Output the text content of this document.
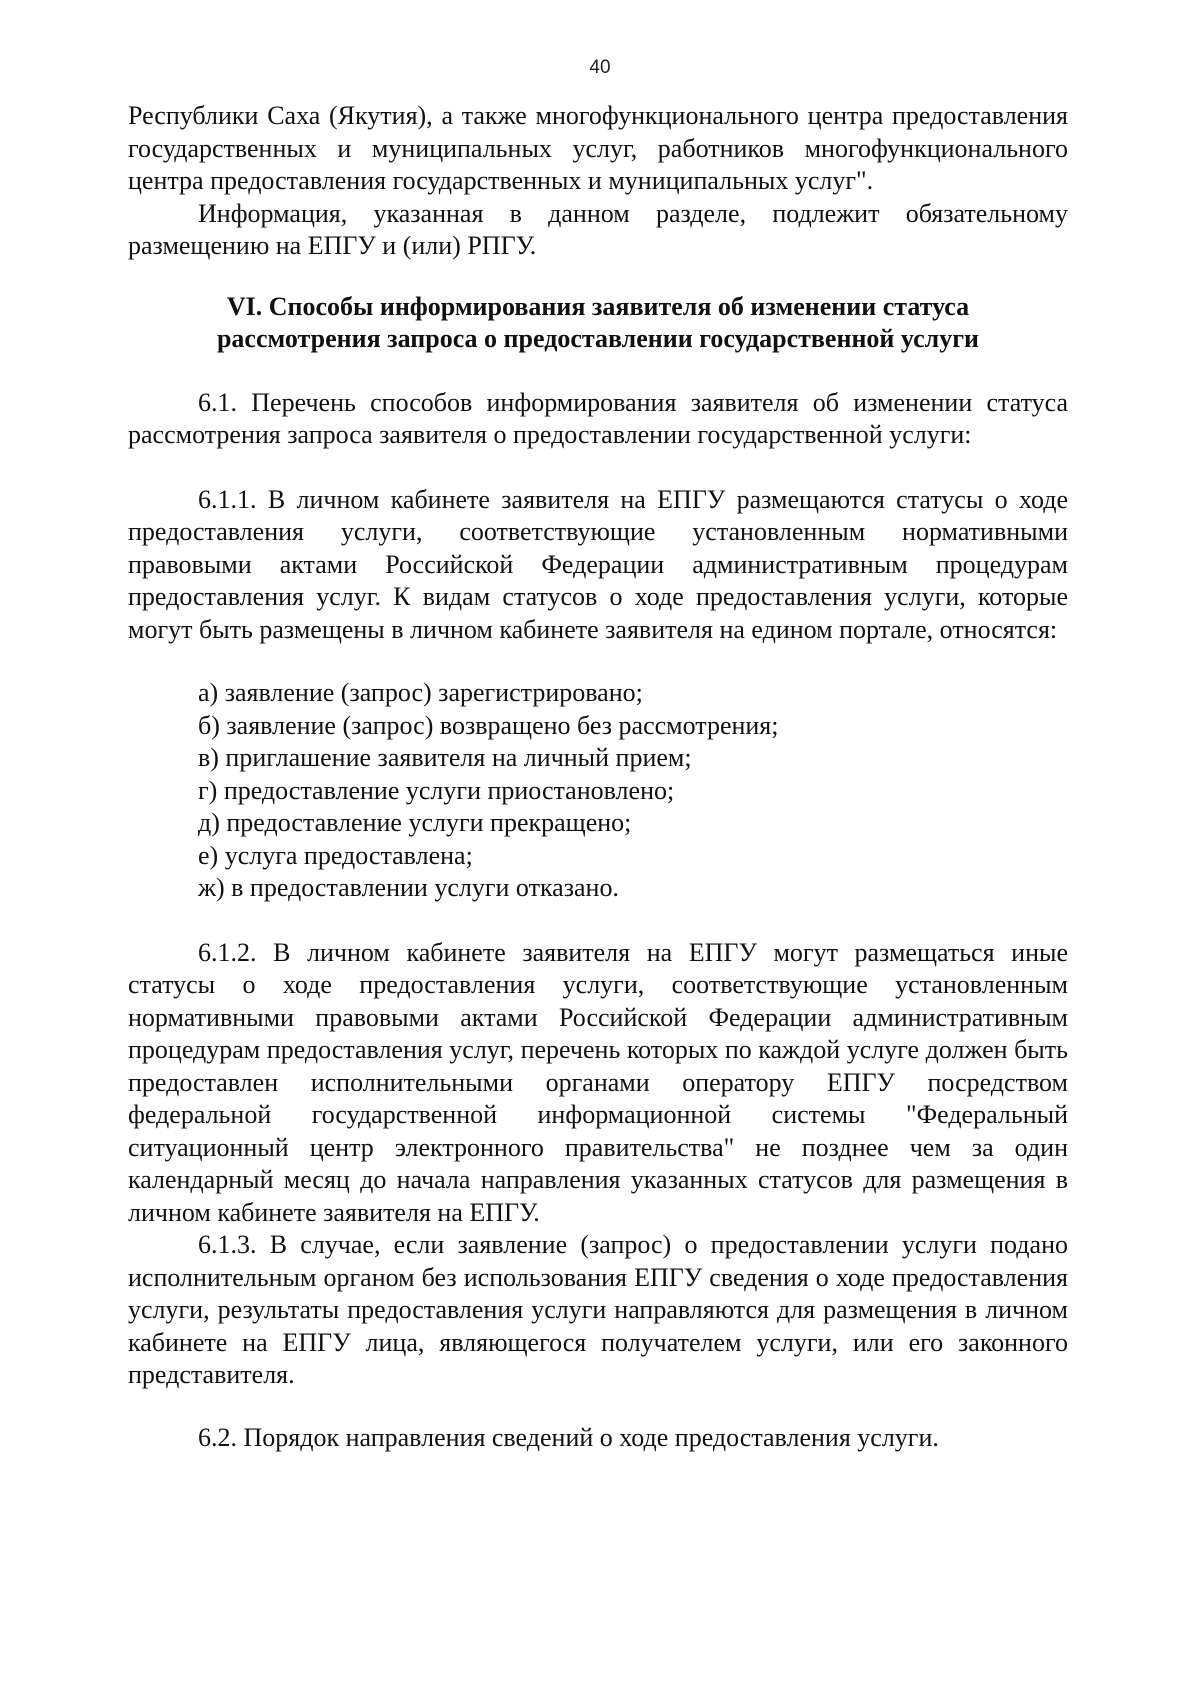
40

Республики Саха (Якутия), а также многофункционального центра предоставления государственных и муниципальных услуг, работников многофункционального центра предоставления государственных и муниципальных услуг".

Информация, указанная в данном разделе, подлежит обязательному размещению на ЕПГУ и (или) РПГУ.

VI. Способы информирования заявителя об изменении статуса
рассмотрения запроса о предоставлении государственной услуги

6.1. Перечень способов информирования заявителя об изменении статуса рассмотрения запроса заявителя о предоставлении государственной услуги:

6.1.1. В личном кабинете заявителя на ЕПГУ размещаются статусы о ходе предоставления услуги, соответствующие установленным нормативными правовыми актами Российской Федерации административным процедурам предоставления услуг. К видам статусов о ходе предоставления услуги, которые могут быть размещены в личном кабинете заявителя на едином портале, относятся:

а) заявление (запрос) зарегистрировано;
б) заявление (запрос) возвращено без рассмотрения;
в) приглашение заявителя на личный прием;
г) предоставление услуги приостановлено;
д) предоставление услуги прекращено;
е) услуга предоставлена;
ж) в предоставлении услуги отказано.

6.1.2. В личном кабинете заявителя на ЕПГУ могут размещаться иные статусы о ходе предоставления услуги, соответствующие установленным нормативными правовыми актами Российской Федерации административным процедурам предоставления услуг, перечень которых по каждой услуге должен быть предоставлен исполнительными органами оператору ЕПГУ посредством федеральной государственной информационной системы "Федеральный ситуационный центр электронного правительства" не позднее чем за один календарный месяц до начала направления указанных статусов для размещения в личном кабинете заявителя на ЕПГУ.

6.1.3. В случае, если заявление (запрос) о предоставлении услуги подано исполнительным органом без использования ЕПГУ сведения о ходе предоставления услуги, результаты предоставления услуги направляются для размещения в личном кабинете на ЕПГУ лица, являющегося получателем услуги, или его законного представителя.

6.2. Порядок направления сведений о ходе предоставления услуги.
